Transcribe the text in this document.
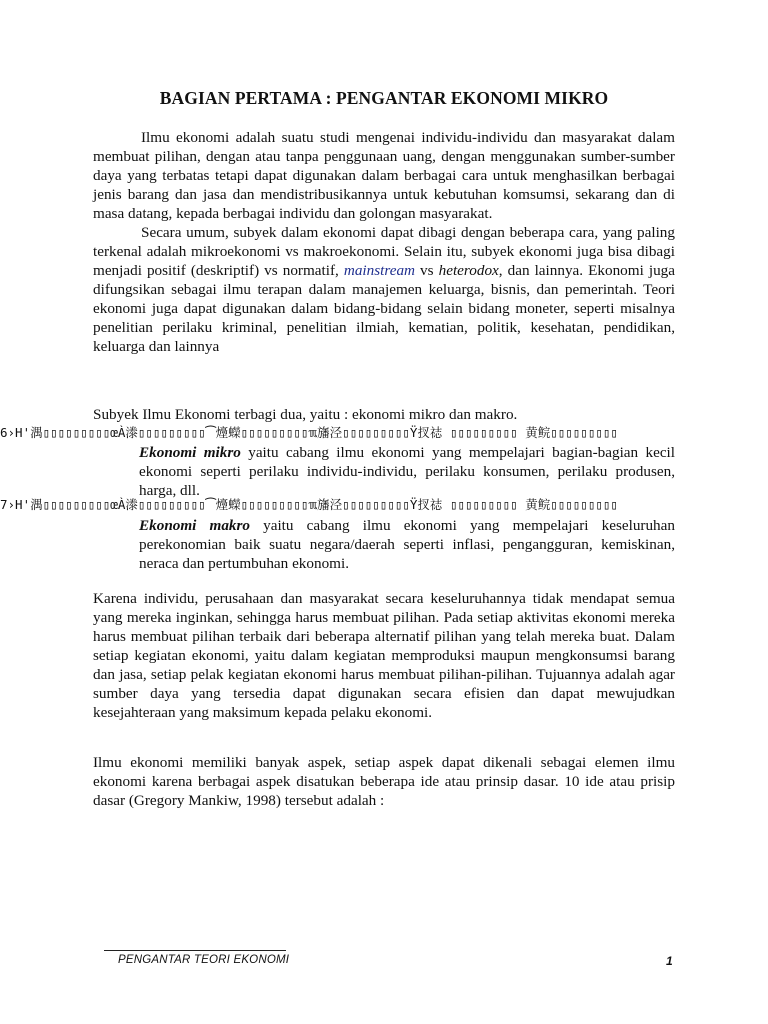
BAGIAN PERTAMA : PENGANTAR EKONOMI MIKRO

Ilmu ekonomi adalah suatu studi mengenai individu-individu dan masyarakat dalam membuat pilihan, dengan atau tanpa penggunaan uang, dengan menggunakan sumber-sumber daya yang terbatas tetapi dapat digunakan dalam berbagai cara untuk menghasilkan berbagai jenis barang dan jasa dan mendistribusikannya untuk kebutuhan komsumsi, sekarang dan di masa datang, kepada berbagai individu dan golongan masyarakat.

Secara umum, subyek dalam ekonomi dapat dibagi dengan beberapa cara, yang paling terkenal adalah mikroekonomi vs makroekonomi. Selain itu, subyek ekonomi juga bisa dibagi menjadi positif (deskriptif) vs normatif, mainstream vs heterodox, dan lainnya. Ekonomi juga difungsikan sebagai ilmu terapan dalam manajemen keluarga, bisnis, dan pemerintah. Teori ekonomi juga dapat digunakan dalam bidang-bidang selain bidang moneter, seperti misalnya penelitian perilaku kriminal, penelitian ilmiah, kematian, politik, kesehatan, pendidikan, keluarga dan lainnya

Subyek Ilmu Ekonomi terbagi dua, yaitu : ekonomi mikro dan makro.
6›H'湡▯▯▯▯▯▯▯▯▯œÀ漛▯▯▯▯▯▯▯▯▯⁀㸀蠑▯▯▯▯▯▯▯▯▯ℼ旛泾▯▯▯▯▯▯▯▯▯Ÿ扠䄊 ▯▯▯▯▯▯▯▯▯ 黄鲩▯▯▯▯▯▯▯▯▯
Ekonomi mikro yaitu cabang ilmu ekonomi yang mempelajari bagian-bagian kecil ekonomi seperti perilaku individu-individu, perilaku konsumen, perilaku produsen, harga, dll.
7›H'湡▯▯▯▯▯▯▯▯▯œÀ漛▯▯▯▯▯▯▯▯▯⁀㸀蠑▯▯▯▯▯▯▯▯▯ℼ旛泾▯▯▯▯▯▯▯▯▯Ÿ扠䄊 ▯▯▯▯▯▯▯▯▯ 黄鲩▯▯▯▯▯▯▯▯▯
Ekonomi makro yaitu cabang ilmu ekonomi yang mempelajari keseluruhan perekonomian baik suatu negara/daerah seperti inflasi, pengangguran, kemiskinan, neraca dan pertumbuhan ekonomi.
Karena individu, perusahaan dan masyarakat secara keseluruhannya tidak mendapat semua yang mereka inginkan, sehingga harus membuat pilihan. Pada setiap aktivitas ekonomi mereka harus membuat pilihan terbaik dari beberapa alternatif pilihan yang telah mereka buat. Dalam setiap kegiatan ekonomi, yaitu dalam kegiatan memproduksi maupun mengkonsumsi barang dan jasa, setiap pelak kegiatan ekonomi harus membuat pilihan-pilihan. Tujuannya adalah agar sumber daya yang tersedia dapat digunakan secara efisien dan dapat mewujudkan kesejahteraan yang maksimum kepada pelaku ekonomi.
Ilmu ekonomi memiliki banyak aspek, setiap aspek dapat dikenali sebagai elemen ilmu ekonomi karena berbagai aspek disatukan beberapa ide atau prinsip dasar. 10 ide atau prisip dasar (Gregory Mankiw, 1998) tersebut adalah :
PENGANTAR TEORI EKONOMI	1
